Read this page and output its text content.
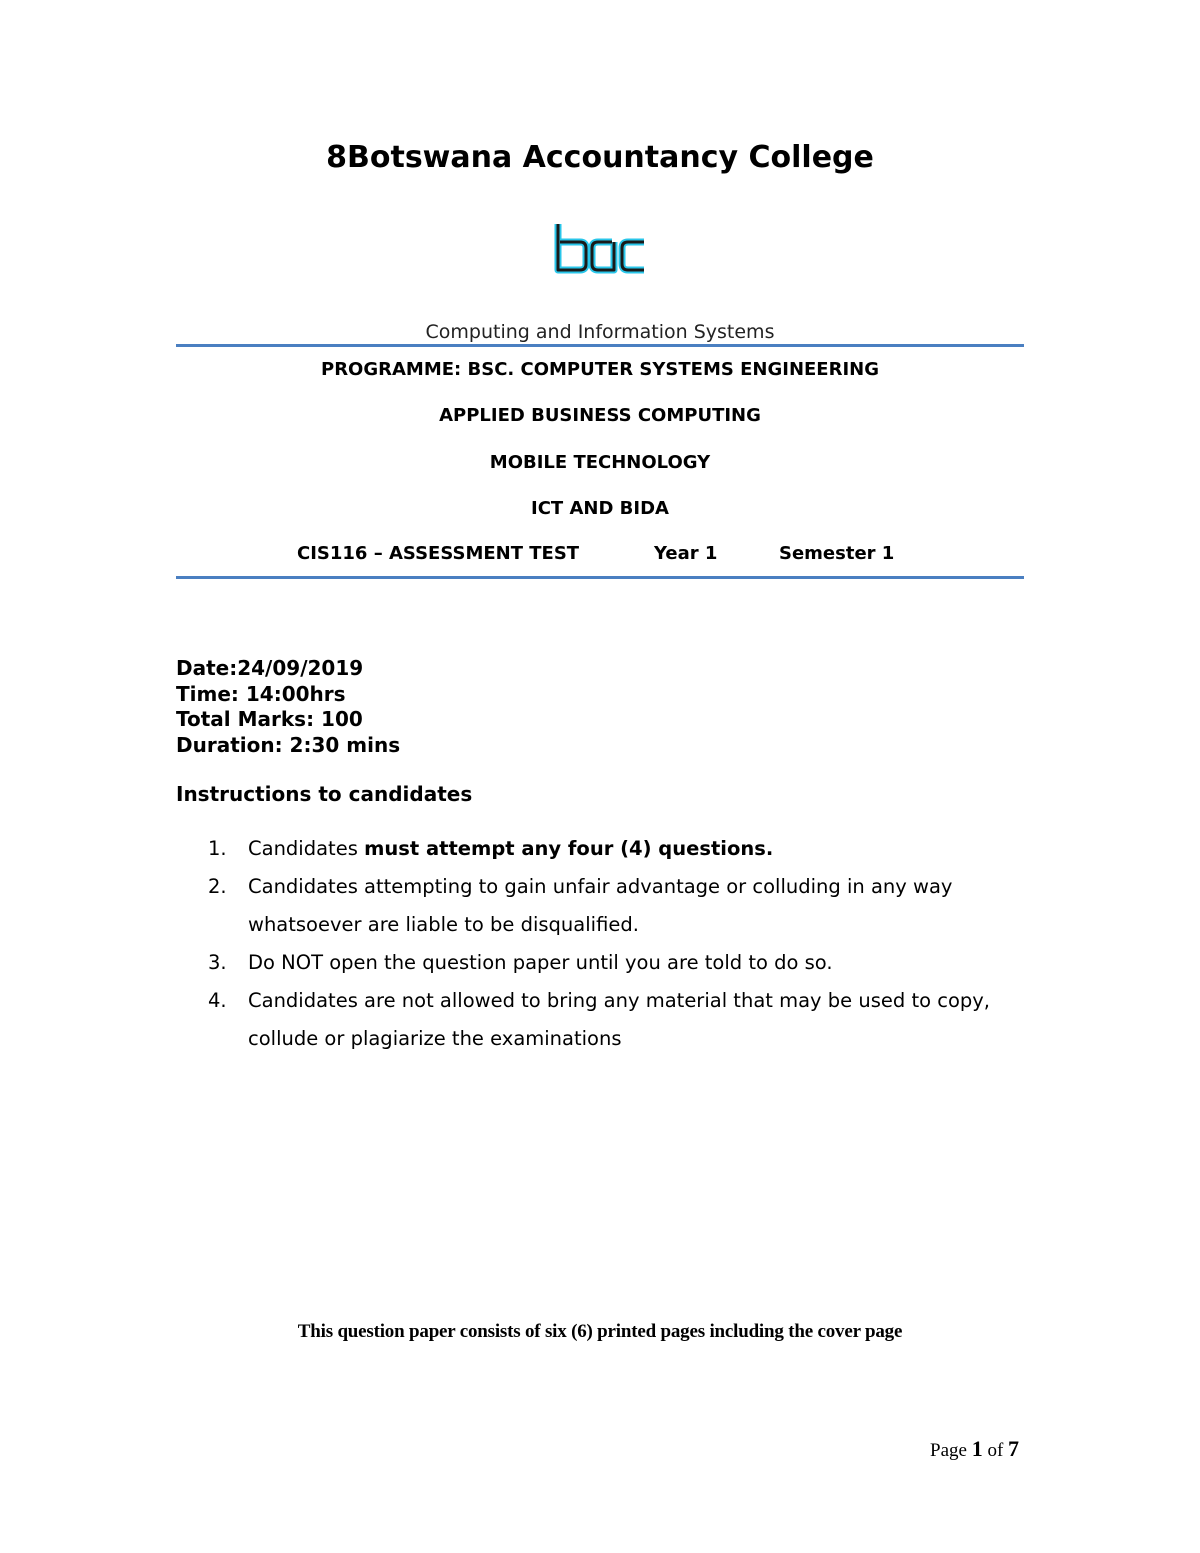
8Botswana Accountancy College
Computing and Information Systems
PROGRAMME: BSC. COMPUTER SYSTEMS ENGINEERING
APPLIED BUSINESS COMPUTING
MOBILE TECHNOLOGY
ICT AND BIDA
CIS116 – ASSESSMENT TEST	Year 1	Semester 1
Date:24/09/2019
Time: 14:00hrs
Total Marks: 100
Duration: 2:30 mins
Instructions to candidates
1.	Candidates must attempt any four (4) questions.
2.	Candidates attempting to gain unfair advantage or colluding in any way whatsoever are liable to be disqualified.
3.	Do NOT open the question paper until you are told to do so.
4.	Candidates are not allowed to bring any material that may be used to copy, collude or plagiarize the examinations
This question paper consists of six (6) printed pages including the cover page
Page 1 of 7
